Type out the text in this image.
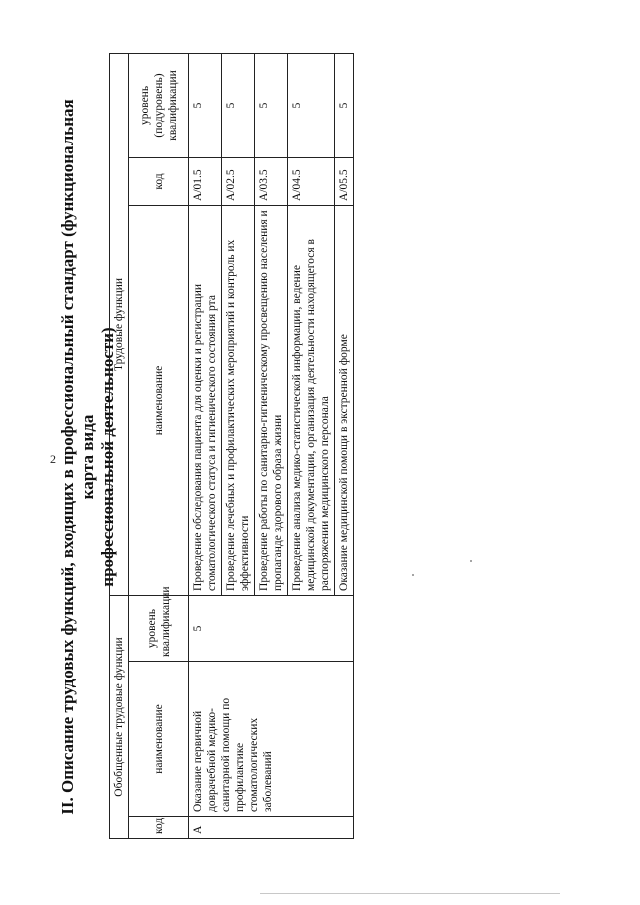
2 II. Описание трудовых функций, входящих в профессиональный стандарт (функциональная карта вида профессиональной деятельности)
Обобщенные трудовые функции			Трудовые функции		
код	наименование	уровень квалификации	наименование	код	уровень (подуровень) квалификации
А	Оказание первичной доврачебной медико-санитарной помощи по профилактике стоматологических заболеваний	5	Проведение обследования пациента для оценки и регистрации стоматологического статуса и гигиенического состояния рта	A/01.5	5
			Проведение лечебных и профилактических мероприятий и контроль их эффективности	A/02.5	5
			Проведение работы по санитарно-гигиеническому просвещению населения и пропаганде здорового образа жизни	A/03.5	5
			Проведение анализа медико-статистической информации, ведение медицинской документации, организация деятельности находящегося в распоряжении медицинского персонала	A/04.5	5
			Оказание медицинской помощи в экстренной форме	A/05.5	5
